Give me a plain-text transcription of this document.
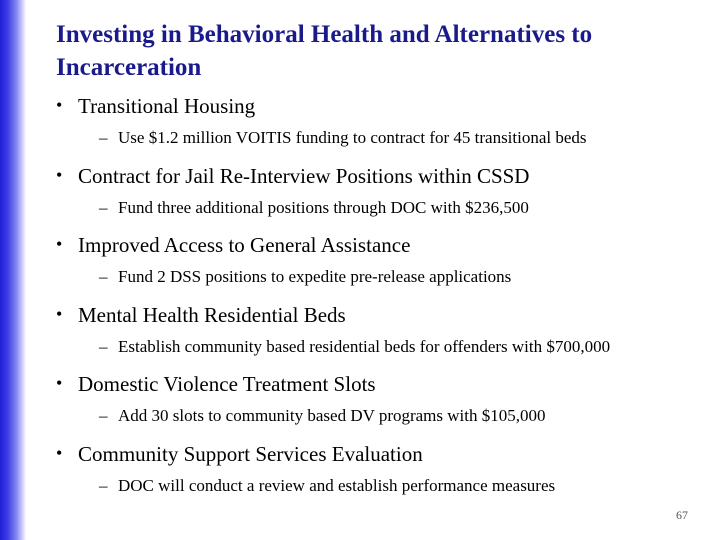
Investing in Behavioral Health and Alternatives to Incarceration
• Transitional Housing
– Use $1.2 million VOITIS funding to contract for 45 transitional beds
• Contract for Jail Re-Interview Positions within CSSD
– Fund three additional positions through DOC with $236,500
• Improved Access to General Assistance
– Fund 2 DSS positions to expedite pre-release applications
• Mental Health Residential Beds
– Establish community based residential beds for offenders with $700,000
• Domestic Violence Treatment Slots
– Add 30 slots to community based DV programs with $105,000
• Community Support Services Evaluation
– DOC will conduct a review and establish performance measures
67
